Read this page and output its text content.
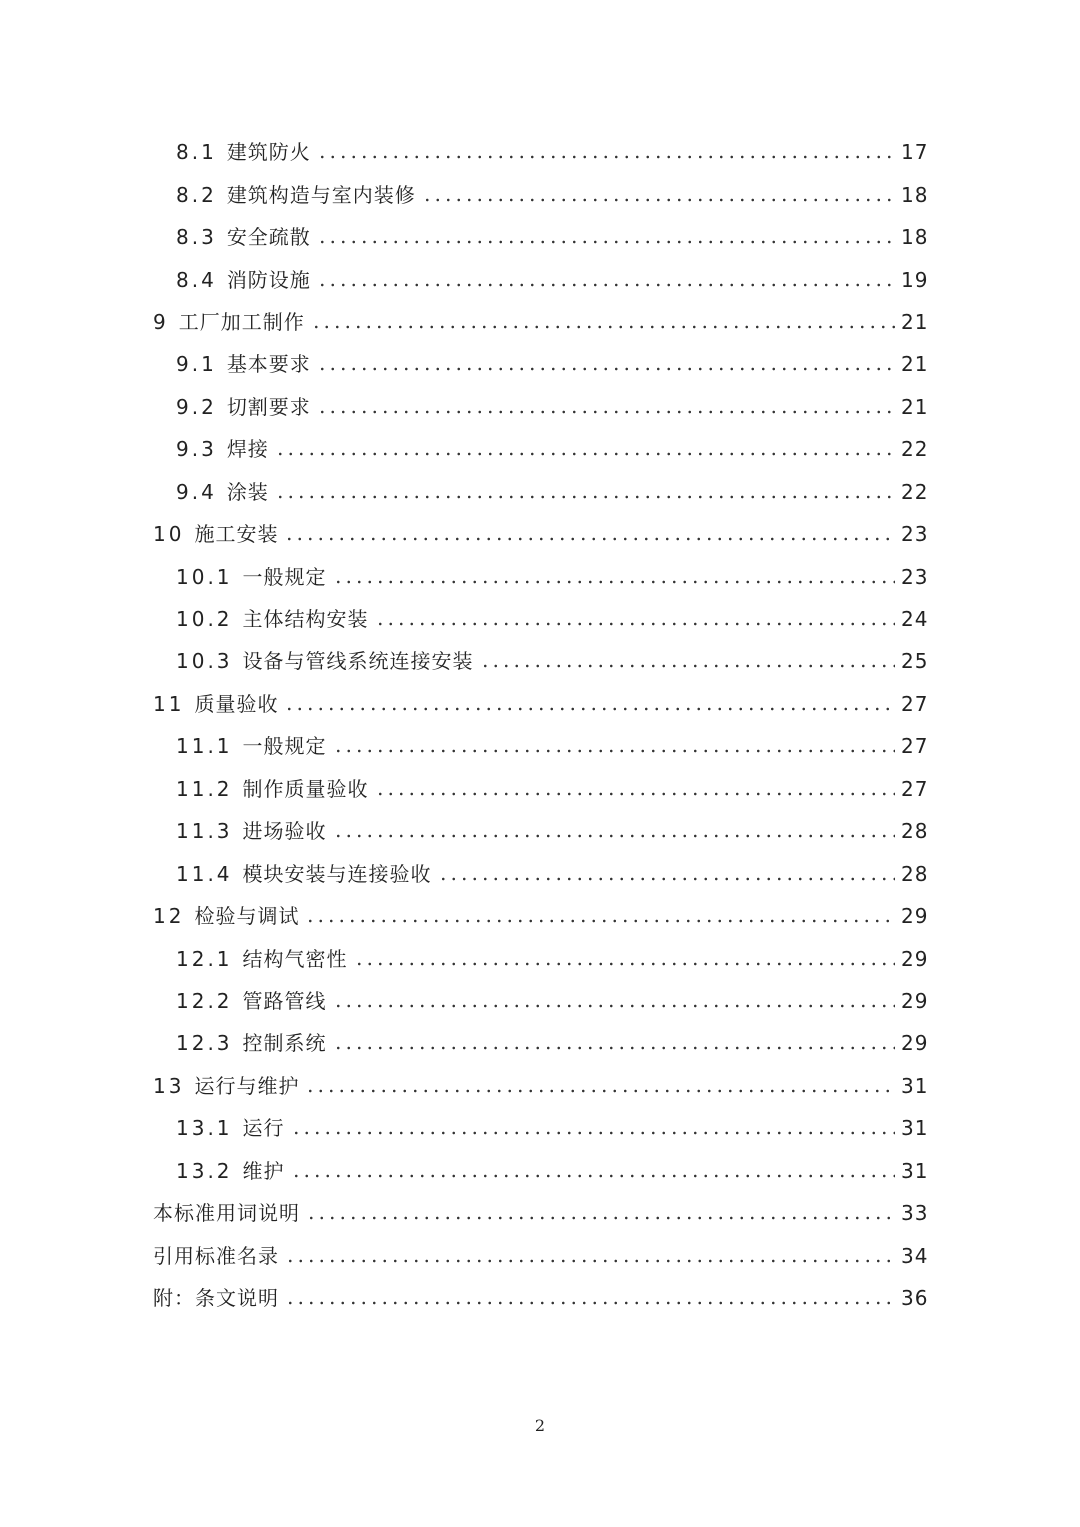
8.1 建筑防火	17
8.2 建筑构造与室内装修	18
8.3 安全疏散	18
8.4 消防设施	19
9 工厂加工制作	21
9.1 基本要求	21
9.2 切割要求	21
9.3 焊接	22
9.4 涂装	22
10 施工安装	23
10.1 一般规定	23
10.2 主体结构安装	24
10.3 设备与管线系统连接安装	25
11 质量验收	27
11.1 一般规定	27
11.2 制作质量验收	27
11.3 进场验收	28
11.4 模块安装与连接验收	28
12 检验与调试	29
12.1 结构气密性	29
12.2 管路管线	29
12.3 控制系统	29
13 运行与维护	31
13.1 运行	31
13.2 维护	31
本标准用词说明	33
引用标准名录	34
附：条文说明	36
2
